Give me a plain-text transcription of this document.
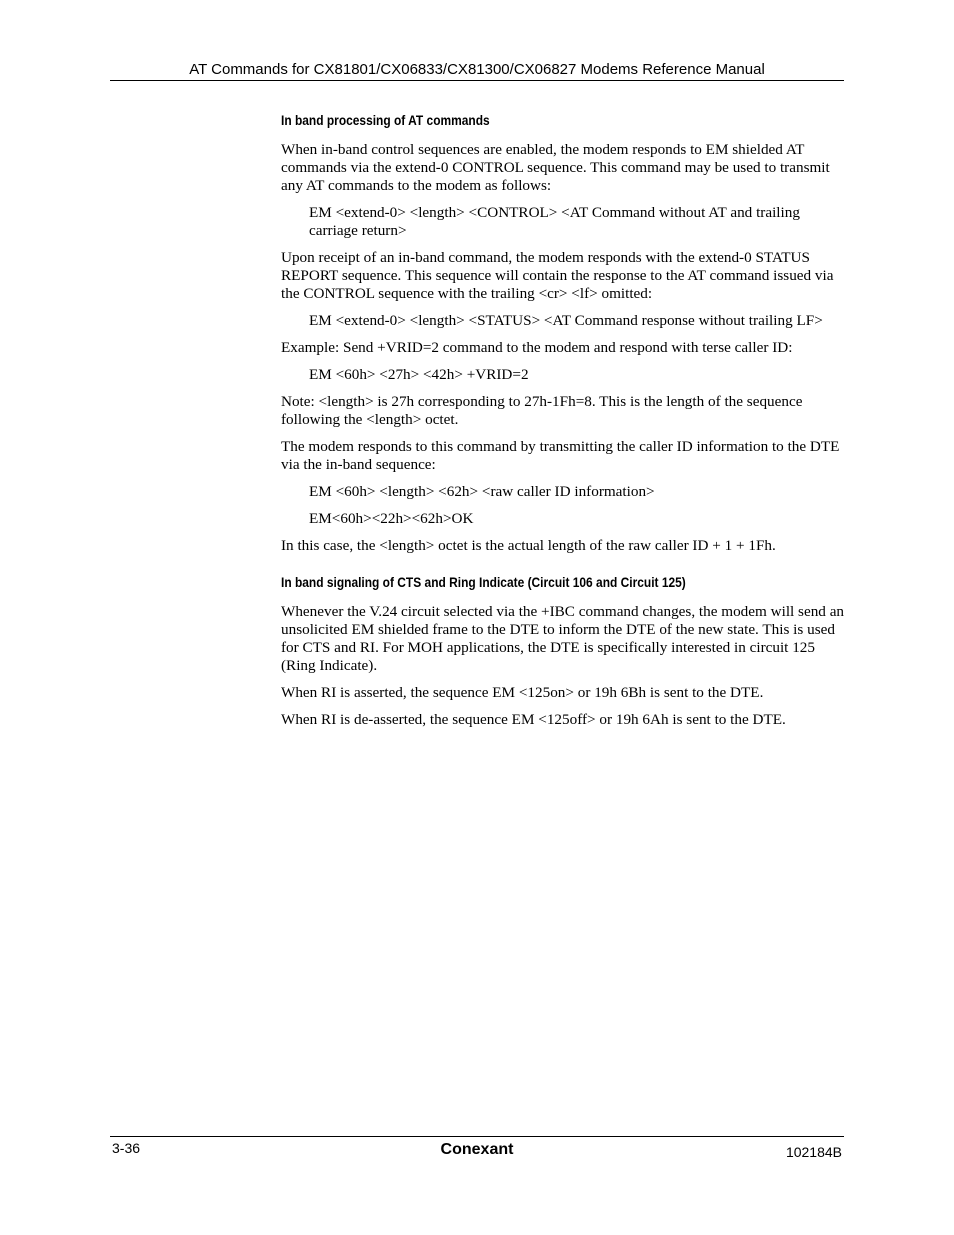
AT Commands for CX81801/CX06833/CX81300/CX06827 Modems Reference Manual
In band processing of AT commands

When in-band control sequences are enabled, the modem responds to EM shielded AT commands via the extend-0 CONTROL sequence. This command may be used to transmit any AT commands to the modem as follows:

EM <extend-0> <length> <CONTROL> <AT Command without AT and trailing carriage return>

Upon receipt of an in-band command, the modem responds with the extend-0 STATUS REPORT sequence. This sequence will contain the response to the AT command issued via the CONTROL sequence with the trailing <cr> <lf> omitted:

EM <extend-0> <length> <STATUS> <AT Command response without trailing LF>

Example: Send +VRID=2 command to the modem and respond with terse caller ID:

EM <60h> <27h> <42h> +VRID=2

Note: <length> is 27h corresponding to 27h-1Fh=8. This is the length of the sequence following the <length> octet.

The modem responds to this command by transmitting the caller ID information to the DTE via the in-band sequence:

EM <60h> <length> <62h> <raw caller ID information>

EM<60h><22h><62h>OK

In this case, the <length> octet is the actual length of the raw caller ID + 1 + 1Fh.

In band signaling of CTS and Ring Indicate (Circuit 106 and Circuit 125)

Whenever the V.24 circuit selected via the +IBC command changes, the modem will send an unsolicited EM shielded frame to the DTE to inform the DTE of the new state. This is used for CTS and RI. For MOH applications, the DTE is specifically interested in circuit 125 (Ring Indicate).

When RI is asserted, the sequence EM <125on> or 19h 6Bh is sent to the DTE.

When RI is de-asserted, the sequence EM <125off> or 19h 6Ah is sent to the DTE.

3-36	Conexant	102184B
